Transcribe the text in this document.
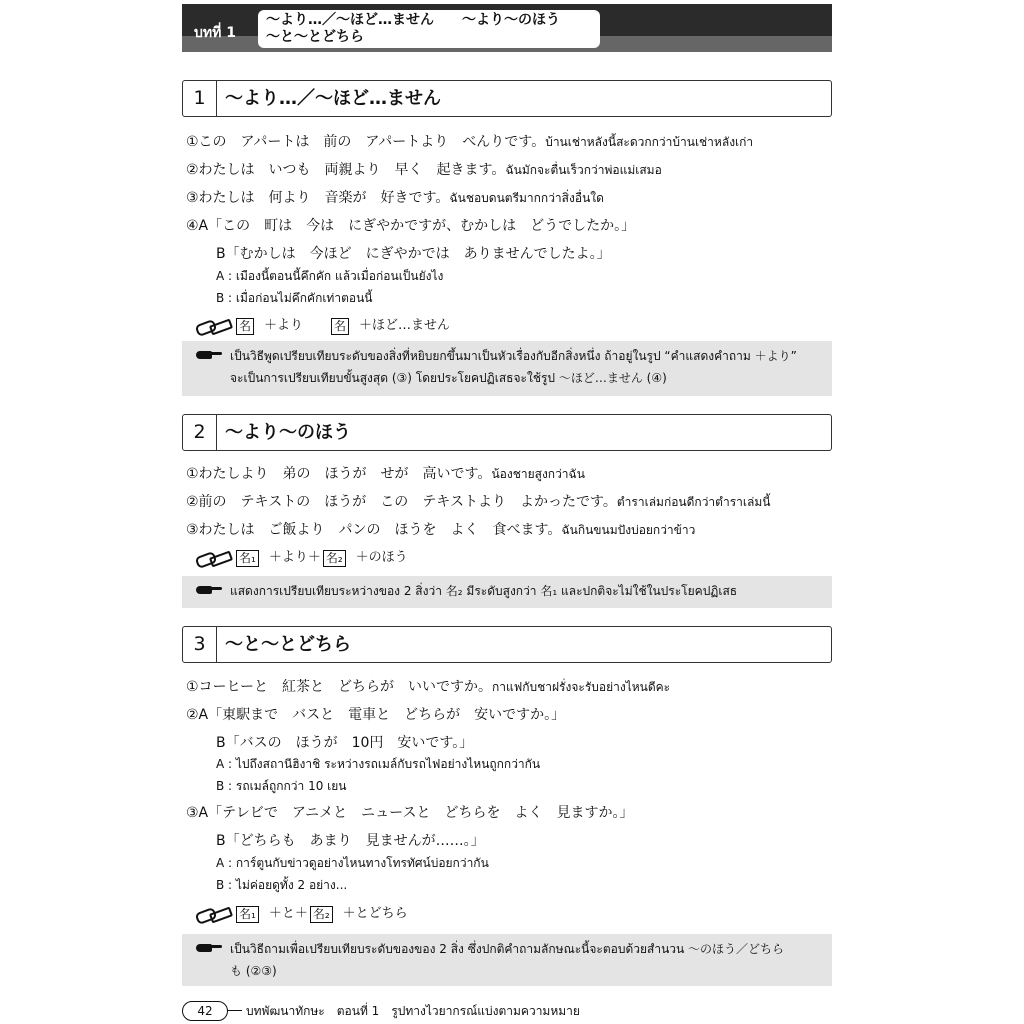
บทที่ 1
〜より…／〜ほど…ません　　〜より〜のほう
〜と〜とどちら
1	〜より…／〜ほど…ません
①この　アパートは　前の　アパートより　べんりです。บ้านเช่าหลังนี้สะดวกกว่าบ้านเช่าหลังเก่า
②わたしは　いつも　両親より　早く　起きます。ฉันมักจะตื่นเร็วกว่าพ่อแม่เสมอ
③わたしは　何より　音楽が　好きです。ฉันชอบดนตรีมากกว่าสิ่งอื่นใด
④A「この　町は　今は　にぎやかですが、むかしは　どうでしたか。」
B「むかしは　今ほど　にぎやかでは　ありませんでしたよ。」
A : เมืองนี้ตอนนี้คึกคัก แล้วเมื่อก่อนเป็นยังไง
B : เมื่อก่อนไม่คึกคักเท่าตอนนี้
名 ＋より	名 ＋ほど…ません
เป็นวิธีพูดเปรียบเทียบระดับของสิ่งที่หยิบยกขึ้นมาเป็นหัวเรื่องกับอีกสิ่งหนึ่ง ถ้าอยู่ในรูป “คำแสดงคำถาม ＋より”
จะเป็นการเปรียบเทียบขั้นสูงสุด (③) โดยประโยคปฏิเสธจะใช้รูป 〜ほど…ません (④)
2	〜より〜のほう
①わたしより　弟の　ほうが　せが　高いです。น้องชายสูงกว่าฉัน
②前の　テキストの　ほうが　この　テキストより　よかったです。ตำราเล่มก่อนดีกว่าตำราเล่มนี้
③わたしは　ご飯より　パンの　ほうを　よく　食べます。ฉันกินขนมปังบ่อยกว่าข้าว
名₁ ＋より＋ 名₂ ＋のほう
แสดงการเปรียบเทียบระหว่างของ 2 สิ่งว่า 名₂ มีระดับสูงกว่า 名₁ และปกติจะไม่ใช้ในประโยคปฏิเสธ
3	〜と〜とどちら
①コーヒーと　紅茶と　どちらが　いいですか。กาแฟกับชาฝรั่งจะรับอย่างไหนดีคะ
②A「東駅まで　バスと　電車と　どちらが　安いですか。」
B「バスの　ほうが　10円　安いです。」
A : ไปถึงสถานีฮิงาชิ ระหว่างรถเมล์กับรถไฟอย่างไหนถูกกว่ากัน
B : รถเมล์ถูกกว่า 10 เยน
③A「テレビで　アニメと　ニュースと　どちらを　よく　見ますか。」
B「どちらも　あまり　見ませんが……。」
A : การ์ตูนกับข่าวดูอย่างไหนทางโทรทัศน์บ่อยกว่ากัน
B : ไม่ค่อยดูทั้ง 2 อย่าง...
名₁ ＋と＋ 名₂ ＋とどちら
เป็นวิธีถามเพื่อเปรียบเทียบระดับของของ 2 สิ่ง ซึ่งปกติคำถามลักษณะนี้จะตอบด้วยสำนวน 〜のほう／どちら
も (②③)
42	บทพัฒนาทักษะ　ตอนที่ 1　รูปทางไวยากรณ์แบ่งตามความหมาย
